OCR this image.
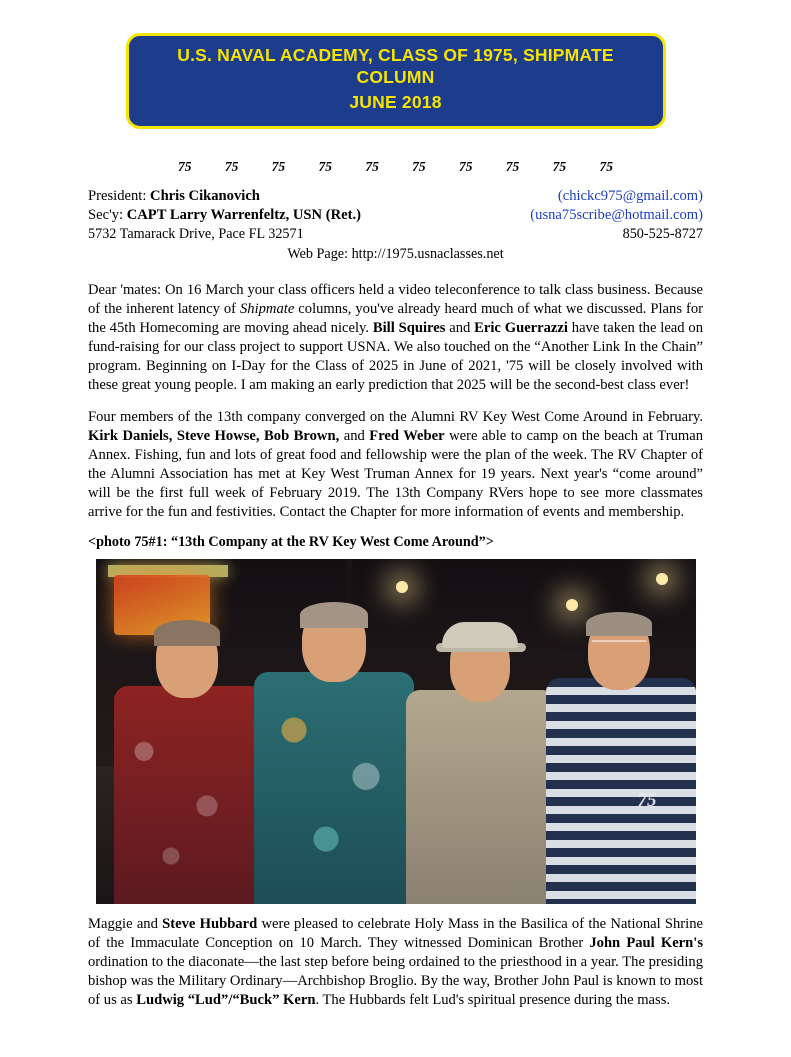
U.S. NAVAL ACADEMY, CLASS OF 1975, SHIPMATE COLUMN
JUNE 2018
75 75 75 75 75 75 75 75 75 75
President: Chris Cikanovich	(chickc975@gmail.com)
Sec'y: CAPT Larry Warrenfeltz, USN (Ret.)	(usna75scribe@hotmail.com)
5732 Tamarack Drive, Pace FL 32571	850-525-8727
Web Page: http://1975.usnaclasses.net

Dear 'mates: On 16 March your class officers held a video teleconference to talk class business. Because of the inherent latency of Shipmate columns, you've already heard much of what we discussed. Plans for the 45th Homecoming are moving ahead nicely. Bill Squires and Eric Guerrazzi have taken the lead on fund-raising for our class project to support USNA. We also touched on the “Another Link In the Chain” program. Beginning on I-Day for the Class of 2025 in June of 2021, '75 will be closely involved with these great young people. I am making an early prediction that 2025 will be the second-best class ever!

Four members of the 13th company converged on the Alumni RV Key West Come Around in February. Kirk Daniels, Steve Howse, Bob Brown, and Fred Weber were able to camp on the beach at Truman Annex. Fishing, fun and lots of great food and fellowship were the plan of the week. The RV Chapter of the Alumni Association has met at Key West Truman Annex for 19 years. Next year's “come around” will be the first full week of February 2019. The 13th Company RVers hope to see more classmates arrive for the fun and festivities. Contact the Chapter for more information of events and membership.

<photo 75#1: “13th Company at the RV Key West Come Around”>
75
Maggie and Steve Hubbard were pleased to celebrate Holy Mass in the Basilica of the National Shrine of the Immaculate Conception on 10 March. They witnessed Dominican Brother John Paul Kern's ordination to the diaconate—the last step before being ordained to the priesthood in a year. The presiding bishop was the Military Ordinary—Archbishop Broglio. By the way, Brother John Paul is known to most of us as Ludwig “Lud”/“Buck” Kern. The Hubbards felt Lud's spiritual presence during the mass.
